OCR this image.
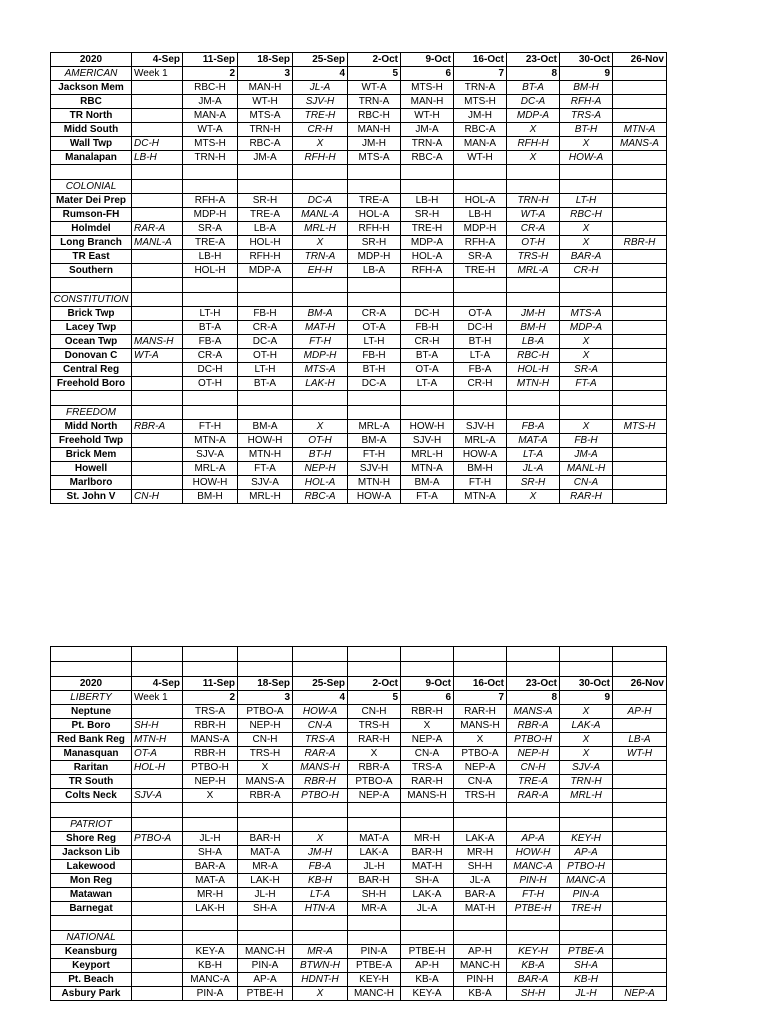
2020	4-Sep	11-Sep	18-Sep	25-Sep	2-Oct	9-Oct	16-Oct	23-Oct	30-Oct	26-Nov
AMERICAN	Week 1	2	3	4	5	6	7	8	9	
Jackson Mem		RBC-H	MAN-H	JL-A	WT-A	MTS-H	TRN-A	BT-A	BM-H	
RBC		JM-A	WT-H	SJV-H	TRN-A	MAN-H	MTS-H	DC-A	RFH-A	
TR North		MAN-A	MTS-A	TRE-H	RBC-H	WT-H	JM-H	MDP-A	TRS-A	
Midd South		WT-A	TRN-H	CR-H	MAN-H	JM-A	RBC-A	X	BT-H	MTN-A
Wall Twp	DC-H	MTS-H	RBC-A	X	JM-H	TRN-A	MAN-A	RFH-H	X	MANS-A
Manalapan	LB-H	TRN-H	JM-A	RFH-H	MTS-A	RBC-A	WT-H	X	HOW-A	

COLONIAL										
Mater Dei Prep		RFH-A	SR-H	DC-A	TRE-A	LB-H	HOL-A	TRN-H	LT-H	
Rumson-FH		MDP-H	TRE-A	MANL-A	HOL-A	SR-H	LB-H	WT-A	RBC-H	
Holmdel	RAR-A	SR-A	LB-A	MRL-H	RFH-H	TRE-H	MDP-H	CR-A	X	
Long Branch	MANL-A	TRE-A	HOL-H	X	SR-H	MDP-A	RFH-A	OT-H	X	RBR-H
TR East		LB-H	RFH-H	TRN-A	MDP-H	HOL-A	SR-A	TRS-H	BAR-A	
Southern		HOL-H	MDP-A	EH-H	LB-A	RFH-A	TRE-H	MRL-A	CR-H	

CONSTITUTION										
Brick Twp		LT-H	FB-H	BM-A	CR-A	DC-H	OT-A	JM-H	MTS-A	
Lacey Twp		BT-A	CR-A	MAT-H	OT-A	FB-H	DC-H	BM-H	MDP-A	
Ocean Twp	MANS-H	FB-A	DC-A	FT-H	LT-H	CR-H	BT-H	LB-A	X	
Donovan C	WT-A	CR-A	OT-H	MDP-H	FB-H	BT-A	LT-A	RBC-H	X	
Central Reg		DC-H	LT-H	MTS-A	BT-H	OT-A	FB-A	HOL-H	SR-A	
Freehold Boro		OT-H	BT-A	LAK-H	DC-A	LT-A	CR-H	MTN-H	FT-A	

FREEDOM										
Midd North	RBR-A	FT-H	BM-A	X	MRL-A	HOW-H	SJV-H	FB-A	X	MTS-H
Freehold Twp		MTN-A	HOW-H	OT-H	BM-A	SJV-H	MRL-A	MAT-A	FB-H	
Brick Mem		SJV-A	MTN-H	BT-H	FT-H	MRL-H	HOW-A	LT-A	JM-A	
Howell		MRL-A	FT-A	NEP-H	SJV-H	MTN-A	BM-H	JL-A	MANL-H	
Marlboro		HOW-H	SJV-A	HOL-A	MTN-H	BM-A	FT-H	SR-H	CN-A	
St. John V	CN-H	BM-H	MRL-H	RBC-A	HOW-A	FT-A	MTN-A	X	RAR-H	

2020	4-Sep	11-Sep	18-Sep	25-Sep	2-Oct	9-Oct	16-Oct	23-Oct	30-Oct	26-Nov
LIBERTY	Week 1	2	3	4	5	6	7	8	9	
Neptune		TRS-A	PTBO-A	HOW-A	CN-H	RBR-H	RAR-H	MANS-A	X	AP-H
Pt. Boro	SH-H	RBR-H	NEP-H	CN-A	TRS-H	X	MANS-H	RBR-A	LAK-A	
Red Bank Reg	MTN-H	MANS-A	CN-H	TRS-A	RAR-H	NEP-A	X	PTBO-H	X	LB-A
Manasquan	OT-A	RBR-H	TRS-H	RAR-A	X	CN-A	PTBO-A	NEP-H	X	WT-H
Raritan	HOL-H	PTBO-H	X	MANS-H	RBR-A	TRS-A	NEP-A	CN-H	SJV-A	
TR South		NEP-H	MANS-A	RBR-H	PTBO-A	RAR-H	CN-A	TRE-A	TRN-H	
Colts Neck	SJV-A	X	RBR-A	PTBO-H	NEP-A	MANS-H	TRS-H	RAR-A	MRL-H	

PATRIOT										
Shore Reg	PTBO-A	JL-H	BAR-H	X	MAT-A	MR-H	LAK-A	AP-A	KEY-H	
Jackson Lib		SH-A	MAT-A	JM-H	LAK-A	BAR-H	MR-H	HOW-H	AP-A	
Lakewood		BAR-A	MR-A	FB-A	JL-H	MAT-H	SH-H	MANC-A	PTBO-H	
Mon Reg		MAT-A	LAK-H	KB-H	BAR-H	SH-A	JL-A	PIN-H	MANC-A	
Matawan		MR-H	JL-H	LT-A	SH-H	LAK-A	BAR-A	FT-H	PIN-A	
Barnegat		LAK-H	SH-A	HTN-A	MR-A	JL-A	MAT-H	PTBE-H	TRE-H	

NATIONAL										
Keansburg		KEY-A	MANC-H	MR-A	PIN-A	PTBE-H	AP-H	KEY-H	PTBE-A	
Keyport		KB-H	PIN-A	BTWN-H	PTBE-A	AP-H	MANC-H	KB-A	SH-A	
Pt. Beach		MANC-A	AP-A	HDNT-H	KEY-H	KB-A	PIN-H	BAR-A	KB-H	
Asbury Park		PIN-A	PTBE-H	X	MANC-H	KEY-A	KB-A	SH-H	JL-H	NEP-A
